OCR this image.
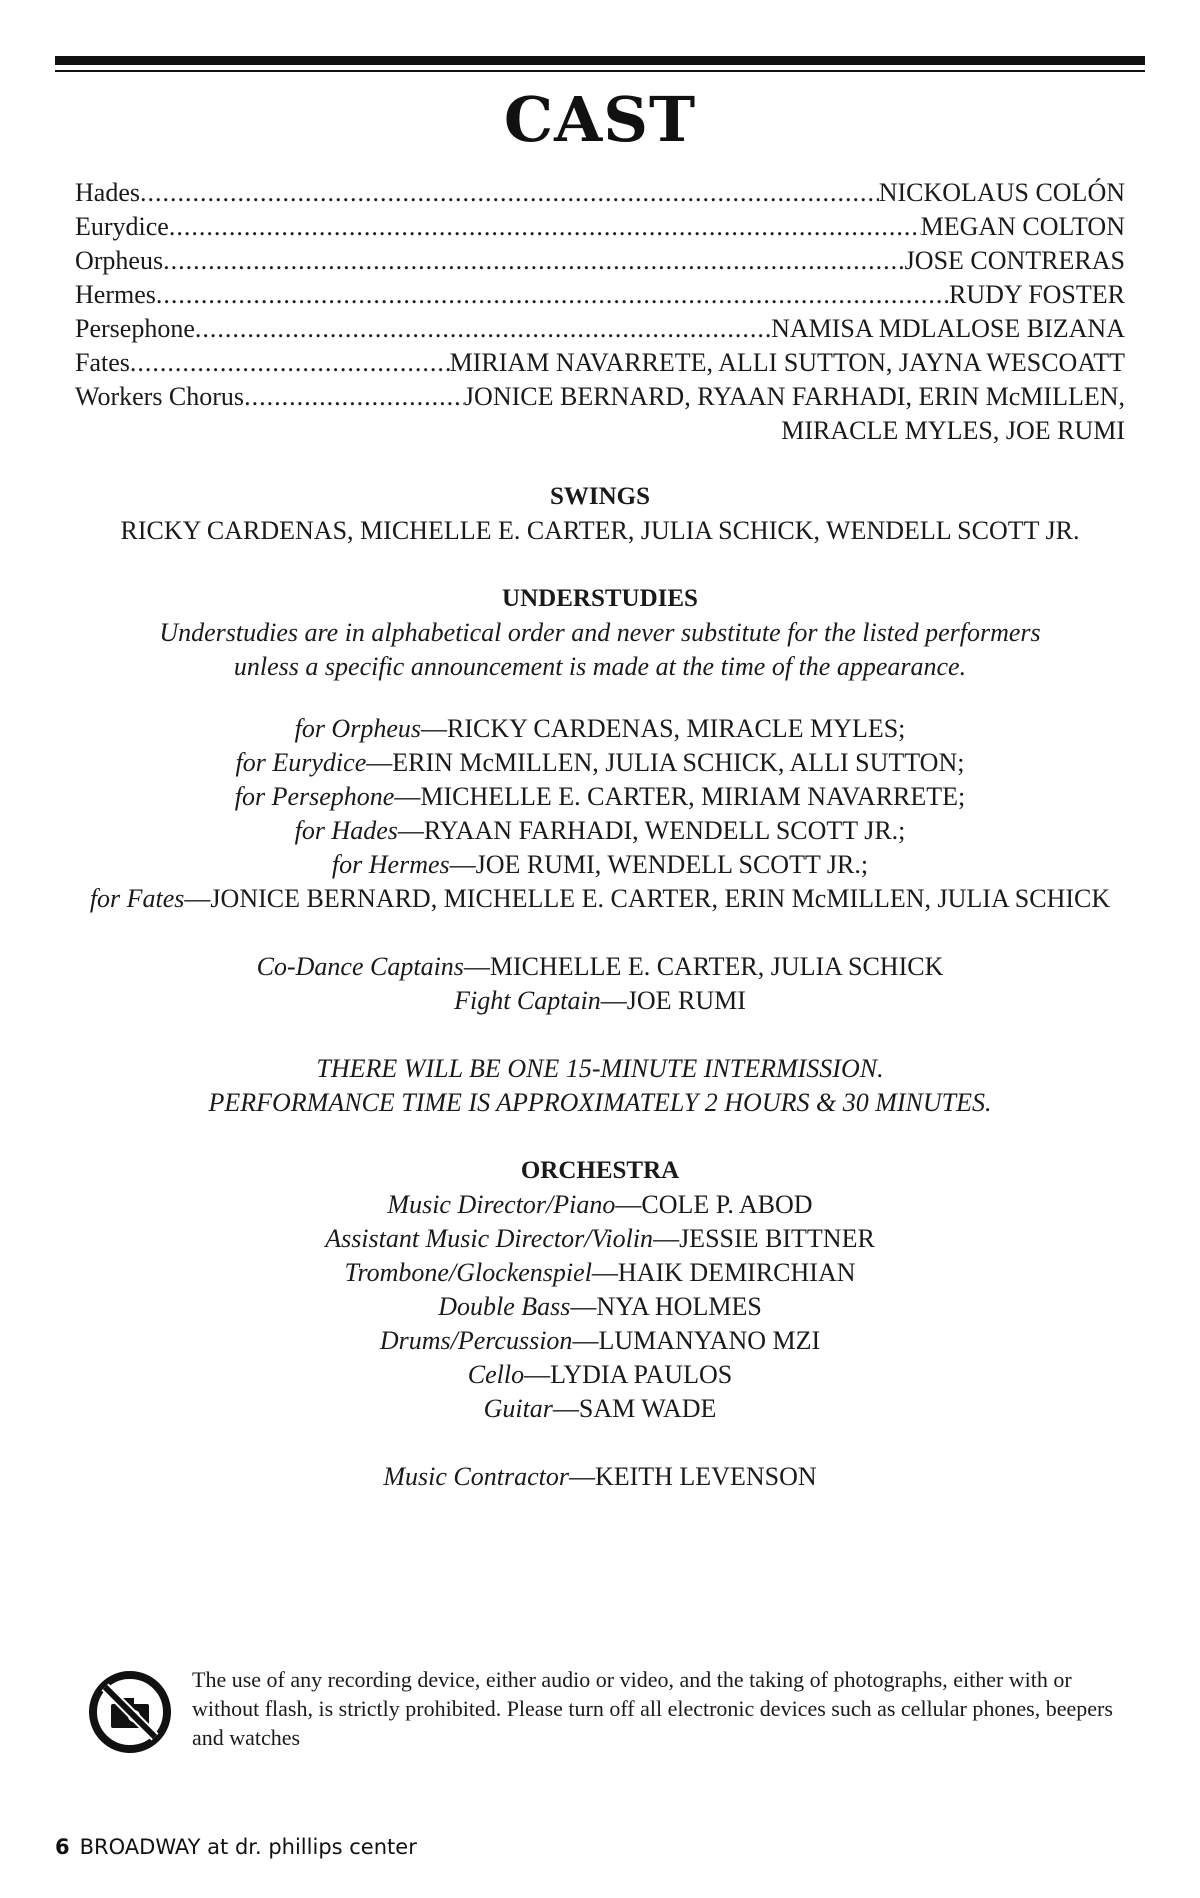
CAST
Hades .....	NICKOLAUS COLÓN
Eurydice .....	MEGAN COLTON
Orpheus .....	JOSE CONTRERAS
Hermes .....	RUDY FOSTER
Persephone .....	NAMISA MDLALOSE BIZANA
Fates .....	MIRIAM NAVARRETE, ALLI SUTTON, JAYNA WESCOATT
Workers Chorus .....	JONICE BERNARD, RYAAN FARHADI, ERIN McMILLEN,
MIRACLE MYLES, JOE RUMI
SWINGS
RICKY CARDENAS, MICHELLE E. CARTER, JULIA SCHICK, WENDELL SCOTT JR.
UNDERSTUDIES
Understudies are in alphabetical order and never substitute for the listed performers
unless a specific announcement is made at the time of the appearance.
for Orpheus—RICKY CARDENAS, MIRACLE MYLES;
for Eurydice—ERIN McMILLEN, JULIA SCHICK, ALLI SUTTON;
for Persephone—MICHELLE E. CARTER, MIRIAM NAVARRETE;
for Hades—RYAAN FARHADI, WENDELL SCOTT JR.;
for Hermes—JOE RUMI, WENDELL SCOTT JR.;
for Fates—JONICE BERNARD, MICHELLE E. CARTER, ERIN McMILLEN, JULIA SCHICK
Co-Dance Captains—MICHELLE E. CARTER, JULIA SCHICK
Fight Captain—JOE RUMI
THERE WILL BE ONE 15-MINUTE INTERMISSION.
PERFORMANCE TIME IS APPROXIMATELY 2 HOURS & 30 MINUTES.
ORCHESTRA
Music Director/Piano—COLE P. ABOD
Assistant Music Director/Violin—JESSIE BITTNER
Trombone/Glockenspiel—HAIK DEMIRCHIAN
Double Bass—NYA HOLMES
Drums/Percussion—LUMANYANO MZI
Cello—LYDIA PAULOS
Guitar—SAM WADE
Music Contractor—KEITH LEVENSON
The use of any recording device, either audio or video, and the taking of photographs, either with or without flash, is strictly prohibited. Please turn off all electronic devices such as cellular phones, beepers and watches
6 BROADWAY at dr. phillips center
